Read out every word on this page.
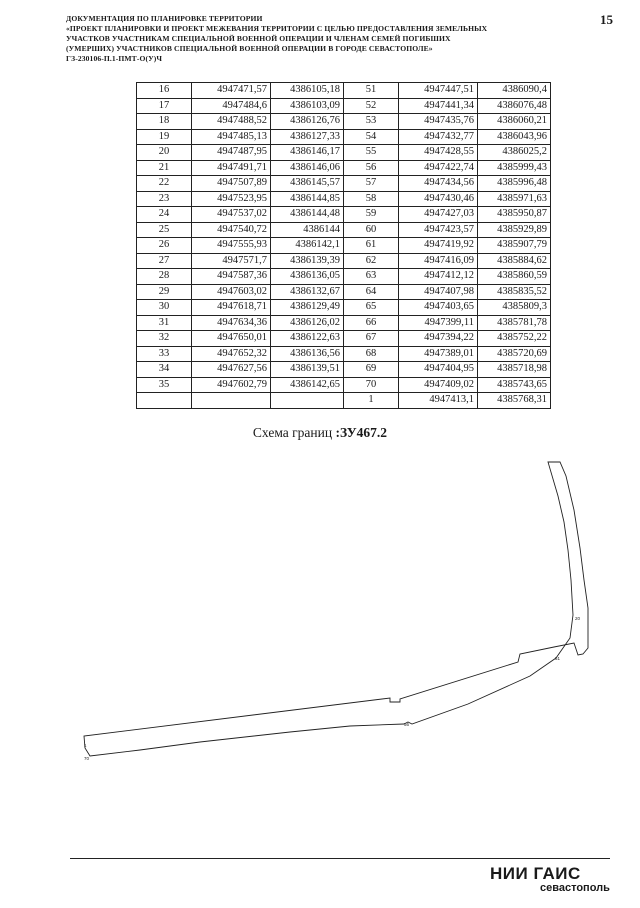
ДОКУМЕНТАЦИЯ ПО ПЛАНИРОВКЕ ТЕРРИТОРИИ
«ПРОЕКТ ПЛАНИРОВКИ И ПРОЕКТ МЕЖЕВАНИЯ ТЕРРИТОРИИ С ЦЕЛЬЮ ПРЕДОСТАВЛЕНИЯ ЗЕМЕЛЬНЫХ
УЧАСТКОВ УЧАСТНИКАМ СПЕЦИАЛЬНОЙ ВОЕННОЙ ОПЕРАЦИИ И ЧЛЕНАМ СЕМЕЙ ПОГИБШИХ
(УМЕРШИХ) УЧАСТНИКОВ СПЕЦИАЛЬНОЙ ВОЕННОЙ ОПЕРАЦИИ В ГОРОДЕ СЕВАСТОПОЛЕ»
ГЗ-230106-П.1-ПМТ-О(У)Ч
15
16	4947471,57	4386105,18	51	4947447,51	4386090,4
17	4947484,6	4386103,09	52	4947441,34	4386076,48
18	4947488,52	4386126,76	53	4947435,76	4386060,21
19	4947485,13	4386127,33	54	4947432,77	4386043,96
20	4947487,95	4386146,17	55	4947428,55	4386025,2
21	4947491,71	4386146,06	56	4947422,74	4385999,43
22	4947507,89	4386145,57	57	4947434,56	4385996,48
23	4947523,95	4386144,85	58	4947430,46	4385971,63
24	4947537,02	4386144,48	59	4947427,03	4385950,87
25	4947540,72	4386144	60	4947423,57	4385929,89
26	4947555,93	4386142,1	61	4947419,92	4385907,79
27	4947571,7	4386139,39	62	4947416,09	4385884,62
28	4947587,36	4386136,05	63	4947412,12	4385860,59
29	4947603,02	4386132,67	64	4947407,98	4385835,52
30	4947618,71	4386129,49	65	4947403,65	4385809,3
31	4947634,36	4386126,02	66	4947399,11	4385781,78
32	4947650,01	4386122,63	67	4947394,22	4385752,22
33	4947652,32	4386136,56	68	4947389,01	4385720,69
34	4947627,56	4386139,51	69	4947404,95	4385718,98
35	4947602,79	4386142,65	70	4947409,02	4385743,65
			1	4947413,1	4385768,31
Схема границ :ЗУ467.2
1
70
20
51
56
НИИ ГАИС
севастополь
